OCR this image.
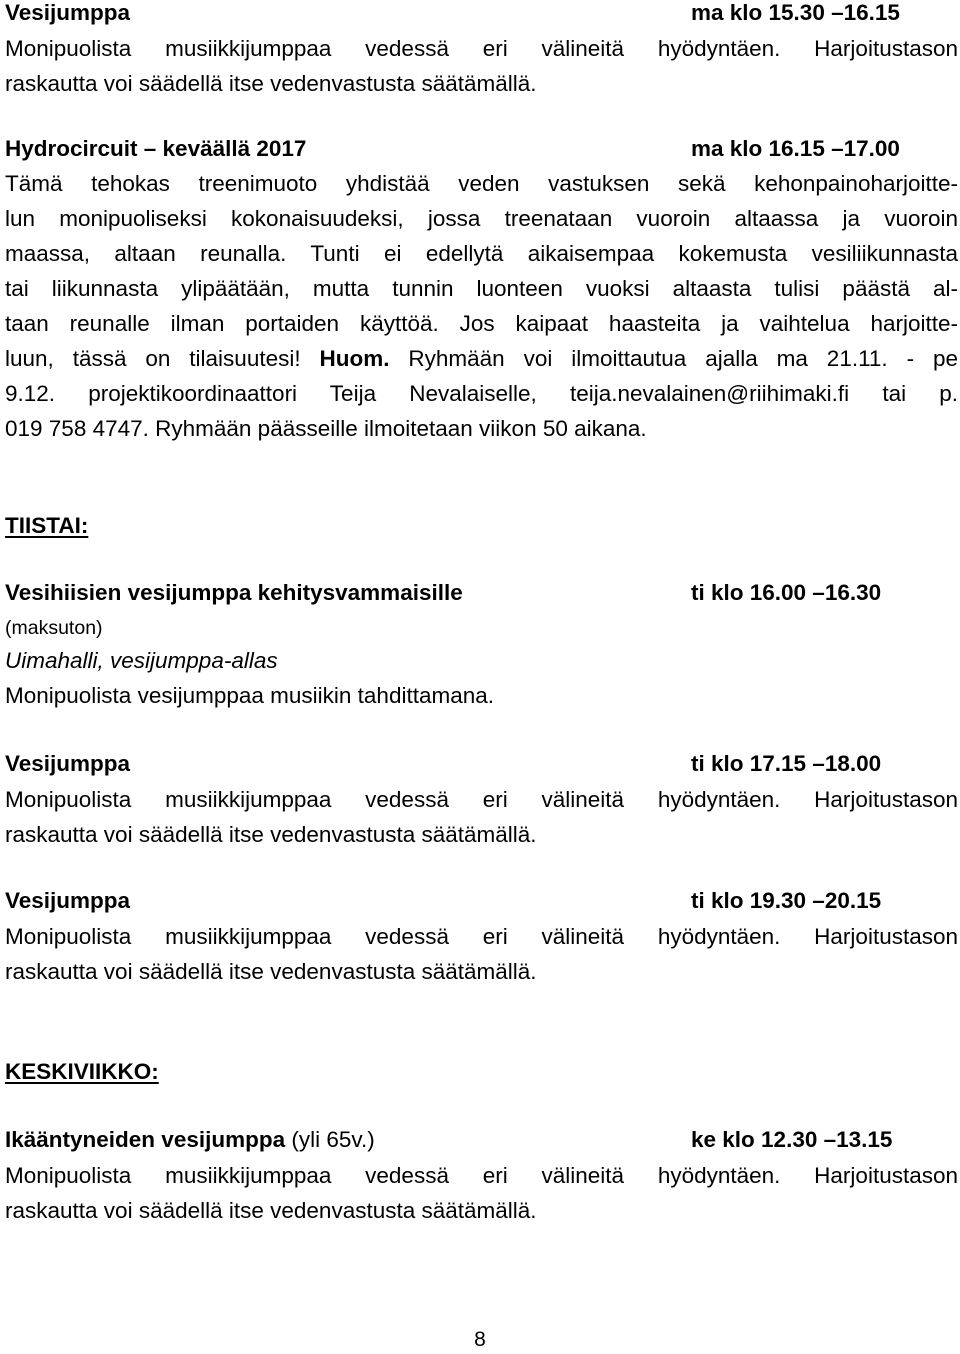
Vesijumppa	ma klo 15.30 –16.15
Monipuolista musiikkijumppaa vedessä eri välineitä hyödyntäen. Harjoitustason
raskautta voi säädellä itse vedenvastusta säätämällä.
Hydrocircuit – keväällä 2017	ma klo 16.15 –17.00
Tämä tehokas treenimuoto yhdistää veden vastuksen sekä kehonpainoharjoitte-
lun monipuoliseksi kokonaisuudeksi, jossa treenataan vuoroin altaassa ja vuoroin
maassa, altaan reunalla. Tunti ei edellytä aikaisempaa kokemusta vesiliikunnasta
tai liikunnasta ylipäätään, mutta tunnin luonteen vuoksi altaasta tulisi päästä al-
taan reunalle ilman portaiden käyttöä. Jos kaipaat haasteita ja vaihtelua harjoitte-
luun, tässä on tilaisuutesi! Huom. Ryhmään voi ilmoittautua ajalla ma 21.11. - pe
9.12. projektikoordinaattori Teija Nevalaiselle, teija.nevalainen@riihimaki.fi tai p.
019 758 4747. Ryhmään päässeille ilmoitetaan viikon 50 aikana.
TIISTAI:
Vesihiisien vesijumppa kehitysvammaisille	ti klo 16.00 –16.30
(maksuton)
Uimahalli, vesijumppa-allas
Monipuolista vesijumppaa musiikin tahdittamana.
Vesijumppa	ti klo 17.15 –18.00
Monipuolista musiikkijumppaa vedessä eri välineitä hyödyntäen. Harjoitustason
raskautta voi säädellä itse vedenvastusta säätämällä.
Vesijumppa	ti klo 19.30 –20.15
Monipuolista musiikkijumppaa vedessä eri välineitä hyödyntäen. Harjoitustason
raskautta voi säädellä itse vedenvastusta säätämällä.
KESKIVIIKKO:
Ikääntyneiden vesijumppa (yli 65v.)	ke klo 12.30 –13.15
Monipuolista musiikkijumppaa vedessä eri välineitä hyödyntäen. Harjoitustason
raskautta voi säädellä itse vedenvastusta säätämällä.
8
